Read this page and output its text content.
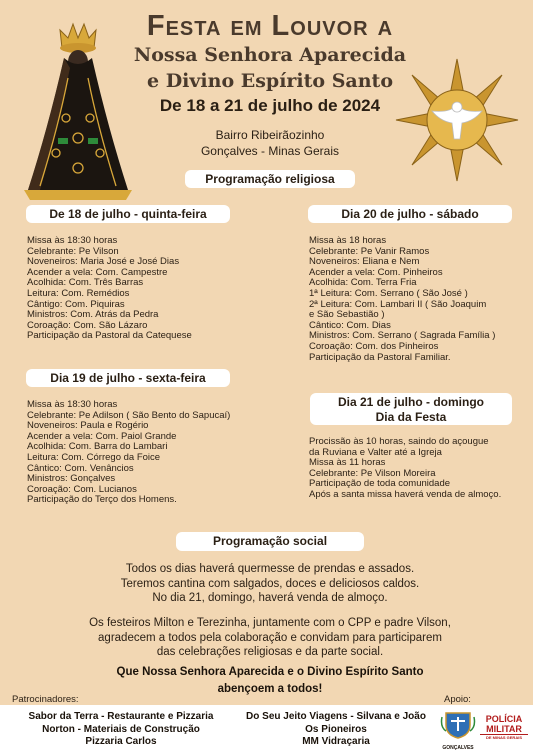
Festa em Louvor a
Nossa Senhora Aparecida
e Divino Espírito Santo
De 18 a 21 de julho de 2024
Bairro Ribeirãozinho
Gonçalves - Minas Gerais
Programação religiosa
De 18 de julho - quinta-feira
Missa às 18:30 horas
Celebrante: Pe Vilson
Noveneiros: Maria José e José Dias
Acender a vela: Com. Campestre
Acolhida: Com. Três Barras
Leitura: Com. Remédios
Cântigo: Com. Piquiras
Ministros: Com. Atrás da Pedra
Coroação: Com. São Lázaro
Participação da Pastoral da Catequese
Dia 20 de julho - sábado
Missa às 18 horas
Celebrante: Pe Vanir Ramos
Noveneiros: Eliana e Nem
Acender a vela: Com. Pinheiros
Acolhida: Com. Terra Fria
1ª Leitura: Com. Serrano ( São José )
2ª Leitura: Com. Lambari II ( São Joaquim
e São Sebastião )
Cântico: Com. Dias
Ministros: Com. Serrano ( Sagrada Família )
Coroação: Com. dos Pinheiros
Participação da Pastoral Familiar.
Dia 19 de julho - sexta-feira
Missa às 18:30 horas
Celebrante: Pe Adilson ( São Bento do Sapucaí)
Noveneiros: Paula e Rogério
Acender a vela: Com. Paiol Grande
Acolhida: Com. Barra do Lambari
Leitura: Com. Córrego da Foice
Cântico: Com. Venâncios
Ministros: Gonçalves
Coroação: Com. Lucianos
Participação do Terço dos Homens.
Dia 21 de julho - domingo
Dia da Festa
Procissão às 10 horas, saindo do açougue
da Ruviana e Valter até a Igreja
Missa às 11 horas
Celebrante: Pe Vilson Moreira
Participação de toda comunidade
Após a santa missa haverá venda de almoço.
Programação social
Todos os dias haverá quermesse de prendas e assados.
Teremos cantina com salgados, doces e deliciosos caldos.
No dia 21, domingo, haverá venda de almoço.
Os festeiros Milton e Terezinha, juntamente com o CPP e padre Vilson,
agradecem a todos pela colaboração e convidam para participarem
das celebrações religiosas e da parte social.
Que Nossa Senhora Aparecida e o Divino Espírito Santo
abençoem a todos!
Patrocinadores:	Apoio:
Sabor da Terra - Restaurante e Pizzaria
Norton - Materiais de Construção
Pizzaria Carlos
Do Seu Jeito Viagens - Silvana e João
Os Pioneiros
MM Vidraçaria
GONÇALVES
POLÍCIA
MILITAR
DE MINAS GERAIS
